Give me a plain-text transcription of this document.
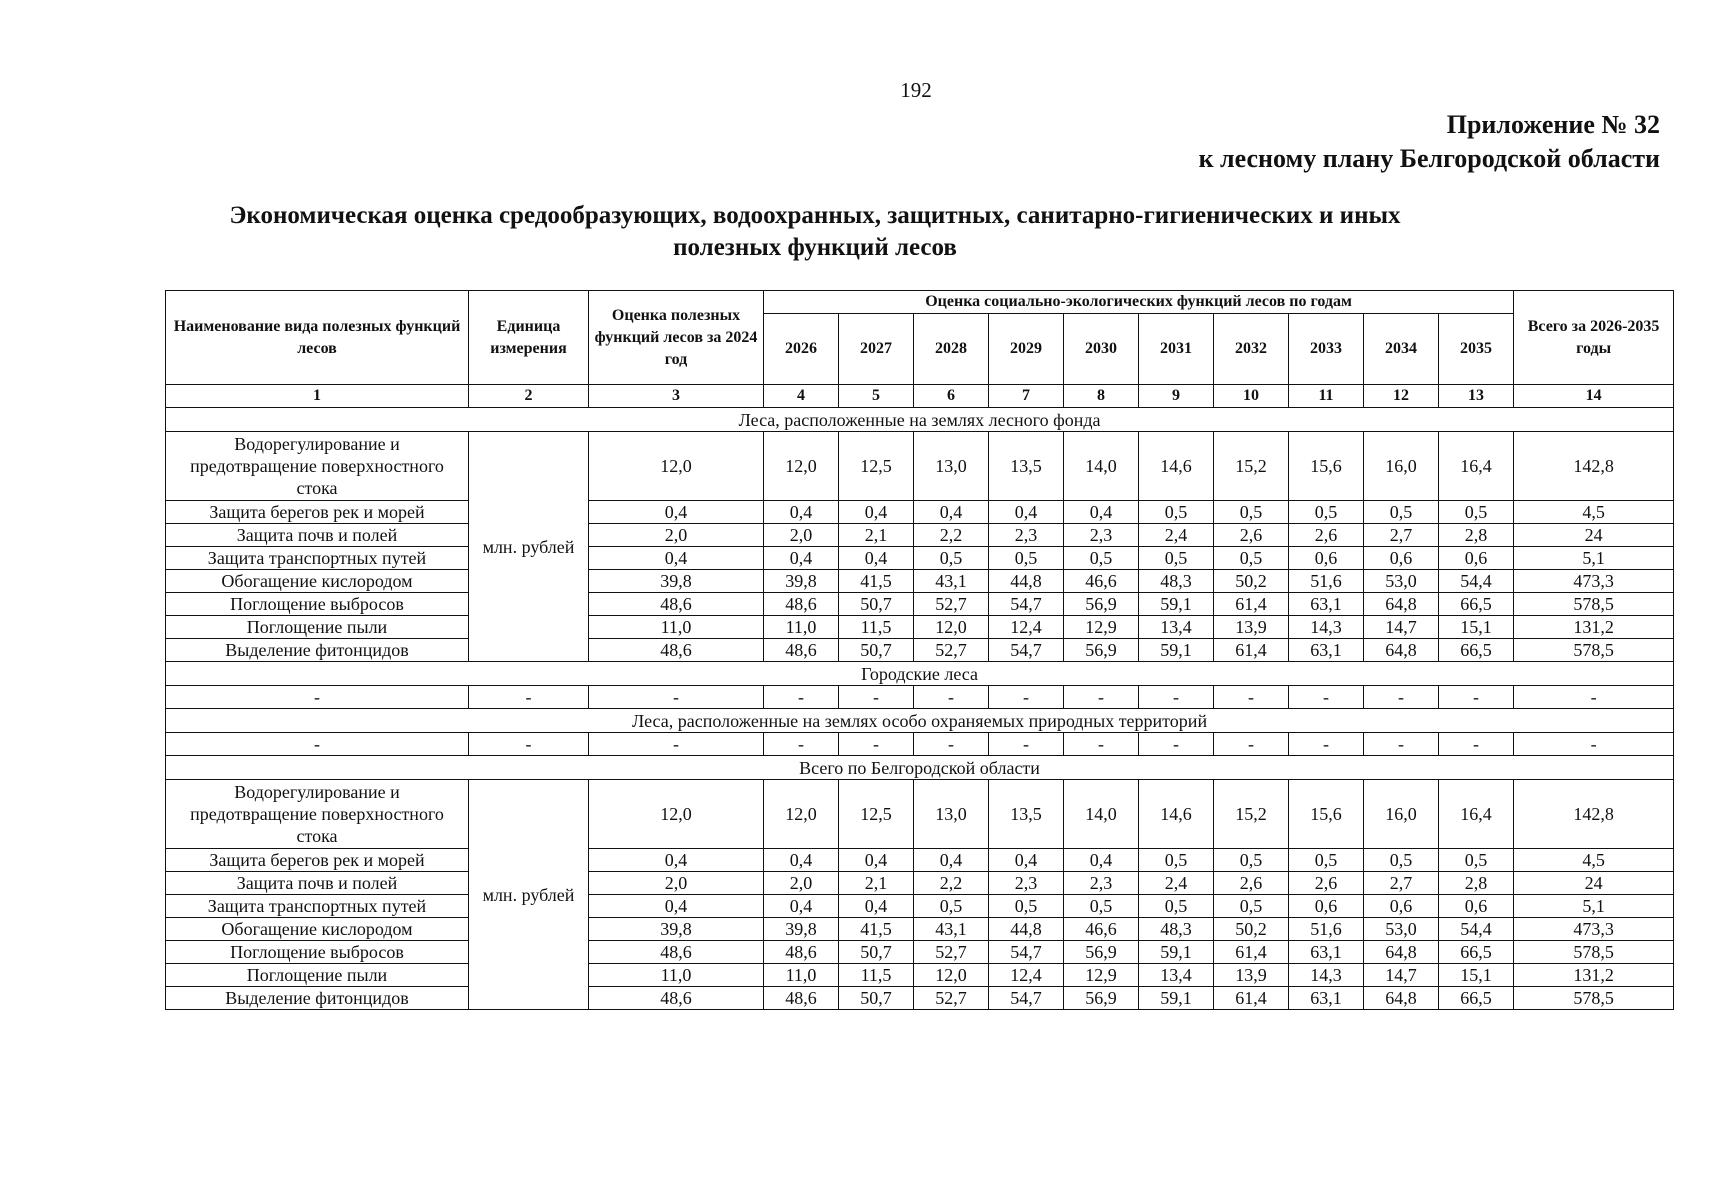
192
Приложение № 32
к лесному плану Белгородской области
Экономическая оценка средообразующих, водоохранных, защитных, санитарно-гигиенических и иных полезных функций лесов
Наименование вида полезных функций лесов	Единица измерения	Оценка полезных функций лесов за 2024 год	Оценка социально-экологических функций лесов по годам										Всего за 2026-2035 годы
			2026	2027	2028	2029	2030	2031	2032	2033	2034	2035	
1	2	3	4	5	6	7	8	9	10	11	12	13	14
Леса, расположенные на землях лесного фонда													
Водорегулирование и предотвращение поверхностного стока	млн. рублей	12,0	12,0	12,5	13,0	13,5	14,0	14,6	15,2	15,6	16,0	16,4	142,8
Защита берегов рек и морей		0,4	0,4	0,4	0,4	0,4	0,4	0,5	0,5	0,5	0,5	0,5	4,5
Защита почв и полей		2,0	2,0	2,1	2,2	2,3	2,3	2,4	2,6	2,6	2,7	2,8	24
Защита транспортных путей		0,4	0,4	0,4	0,5	0,5	0,5	0,5	0,5	0,6	0,6	0,6	5,1
Обогащение кислородом		39,8	39,8	41,5	43,1	44,8	46,6	48,3	50,2	51,6	53,0	54,4	473,3
Поглощение выбросов		48,6	48,6	50,7	52,7	54,7	56,9	59,1	61,4	63,1	64,8	66,5	578,5
Поглощение пыли		11,0	11,0	11,5	12,0	12,4	12,9	13,4	13,9	14,3	14,7	15,1	131,2
Выделение фитонцидов		48,6	48,6	50,7	52,7	54,7	56,9	59,1	61,4	63,1	64,8	66,5	578,5
Городские леса													
-	-	-	-	-	-	-	-	-	-	-	-	-	-
Леса, расположенные на землях особо охраняемых природных территорий													
-	-	-	-	-	-	-	-	-	-	-	-	-	-
Всего по Белгородской области													
Водорегулирование и предотвращение поверхностного стока	млн. рублей	12,0	12,0	12,5	13,0	13,5	14,0	14,6	15,2	15,6	16,0	16,4	142,8
Защита берегов рек и морей		0,4	0,4	0,4	0,4	0,4	0,4	0,5	0,5	0,5	0,5	0,5	4,5
Защита почв и полей		2,0	2,0	2,1	2,2	2,3	2,3	2,4	2,6	2,6	2,7	2,8	24
Защита транспортных путей		0,4	0,4	0,4	0,5	0,5	0,5	0,5	0,5	0,6	0,6	0,6	5,1
Обогащение кислородом		39,8	39,8	41,5	43,1	44,8	46,6	48,3	50,2	51,6	53,0	54,4	473,3
Поглощение выбросов		48,6	48,6	50,7	52,7	54,7	56,9	59,1	61,4	63,1	64,8	66,5	578,5
Поглощение пыли		11,0	11,0	11,5	12,0	12,4	12,9	13,4	13,9	14,3	14,7	15,1	131,2
Выделение фитонцидов		48,6	48,6	50,7	52,7	54,7	56,9	59,1	61,4	63,1	64,8	66,5	578,5
